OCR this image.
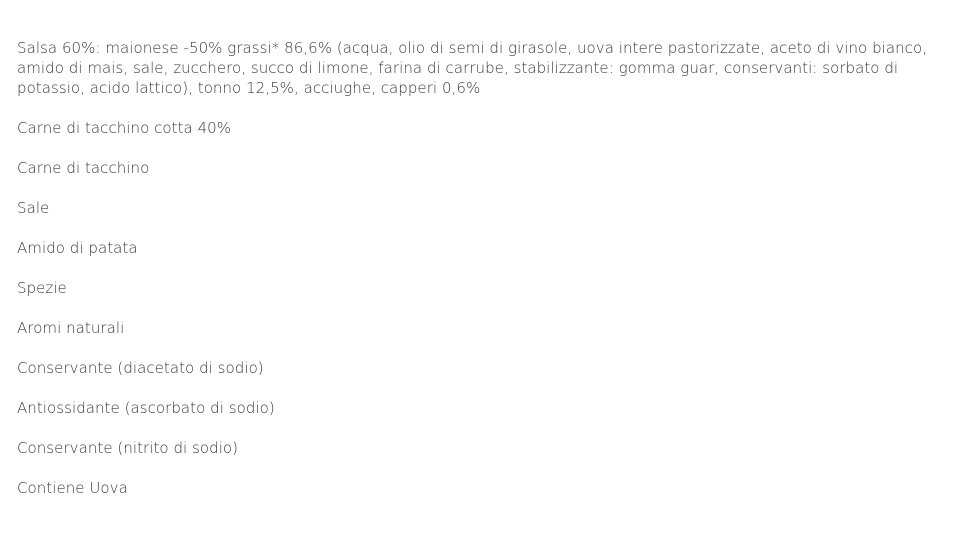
Salsa 60%: maionese -50% grassi* 86,6% (acqua, olio di semi di girasole, uova intere pastorizzate, aceto di vino bianco, amido di mais, sale, zucchero, succo di limone, farina di carrube, stabilizzante: gomma guar, conservanti: sorbato di potassio, acido lattico), tonno 12,5%, acciughe, capperi 0,6%

Carne di tacchino cotta 40%

Carne di tacchino

Sale

Amido di patata

Spezie

Aromi naturali

Conservante (diacetato di sodio)

Antiossidante (ascorbato di sodio)

Conservante (nitrito di sodio)

Contiene Uova
